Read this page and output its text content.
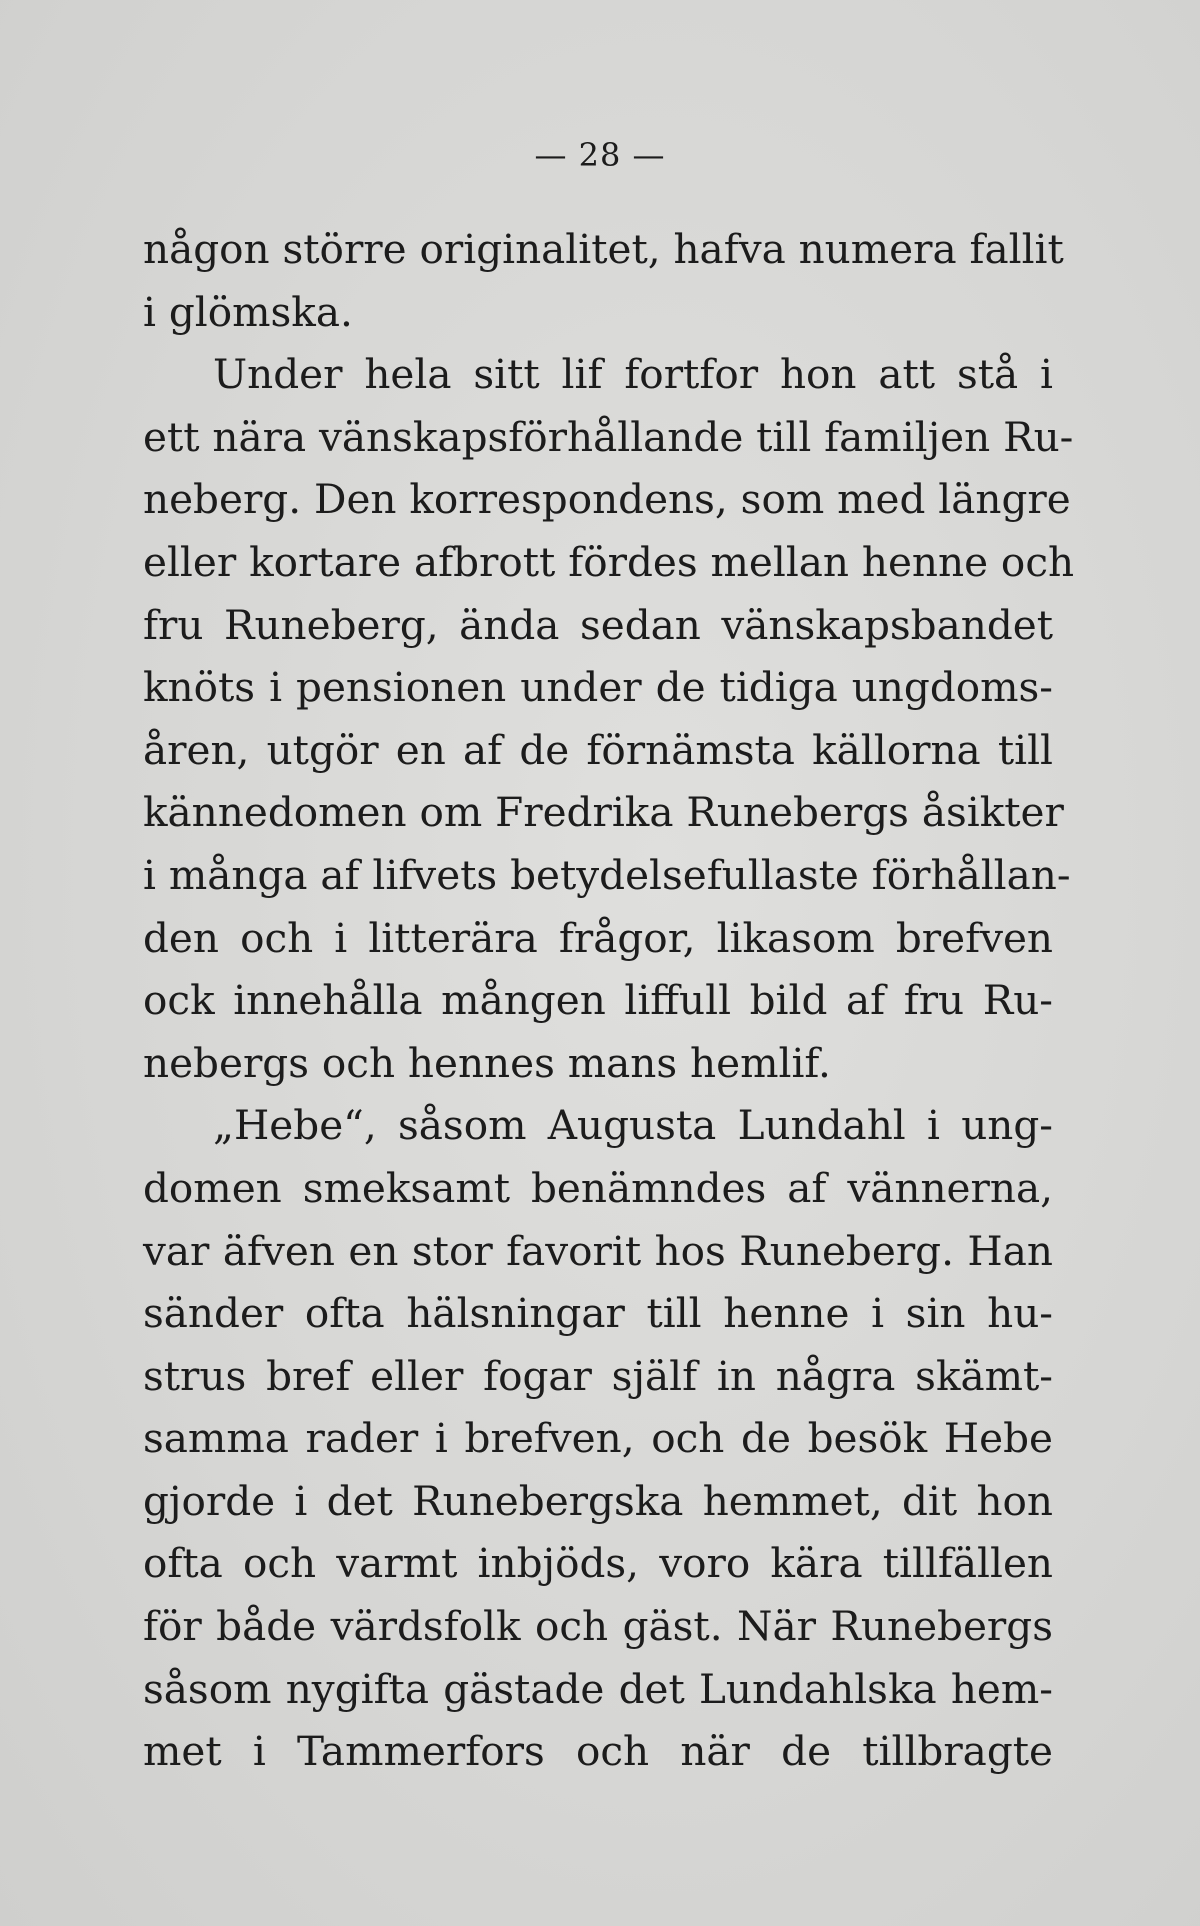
— 28 —
någon större originalitet, hafva numera fallit
i glömska.
Under hela sitt lif fortfor hon att stå i
ett nära vänskapsförhållande till familjen Ru-
neberg. Den korrespondens, som med längre
eller kortare afbrott fördes mellan henne och
fru Runeberg, ända sedan vänskapsbandet
knöts i pensionen under de tidiga ungdoms-
åren, utgör en af de förnämsta källorna till
kännedomen om Fredrika Runebergs åsikter
i många af lifvets betydelsefullaste förhållan-
den och i litterära frågor, likasom brefven
ock innehålla mången liffull bild af fru Ru-
nebergs och hennes mans hemlif.
„Hebe“, såsom Augusta Lundahl i ung-
domen smeksamt benämndes af vännerna,
var äfven en stor favorit hos Runeberg. Han
sänder ofta hälsningar till henne i sin hu-
strus bref eller fogar själf in några skämt-
samma rader i brefven, och de besök Hebe
gjorde i det Runebergska hemmet, dit hon
ofta och varmt inbjöds, voro kära tillfällen
för både värdsfolk och gäst. När Runebergs
såsom nygifta gästade det Lundahlska hem-
met i Tammerfors och när de tillbragte
